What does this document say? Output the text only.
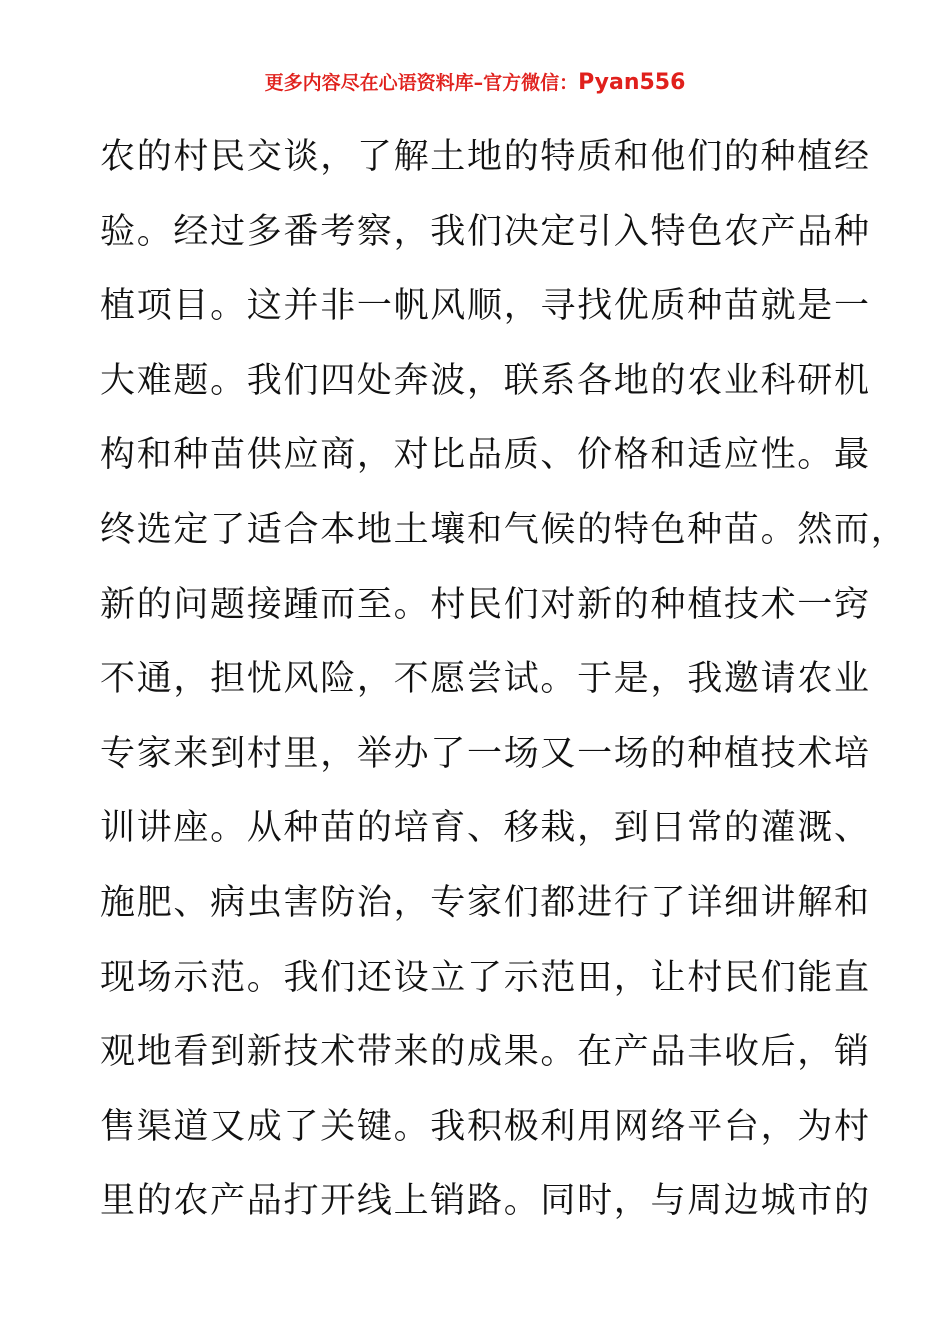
更多内容尽在心语资料库–官方微信：Pyan556
农的村民交谈，了解土地的特质和他们的种植经
验。经过多番考察，我们决定引入特色农产品种
植项目。这并非一帆风顺，寻找优质种苗就是一
大难题。我们四处奔波，联系各地的农业科研机
构和种苗供应商，对比品质、价格和适应性。最
终选定了适合本地土壤和气候的特色种苗。然而，
新的问题接踵而至。村民们对新的种植技术一窍
不通，担忧风险，不愿尝试。于是，我邀请农业
专家来到村里，举办了一场又一场的种植技术培
训讲座。从种苗的培育、移栽，到日常的灌溉、
施肥、病虫害防治，专家们都进行了详细讲解和
现场示范。我们还设立了示范田，让村民们能直
观地看到新技术带来的成果。在产品丰收后，销
售渠道又成了关键。我积极利用网络平台，为村
里的农产品打开线上销路。同时，与周边城市的
